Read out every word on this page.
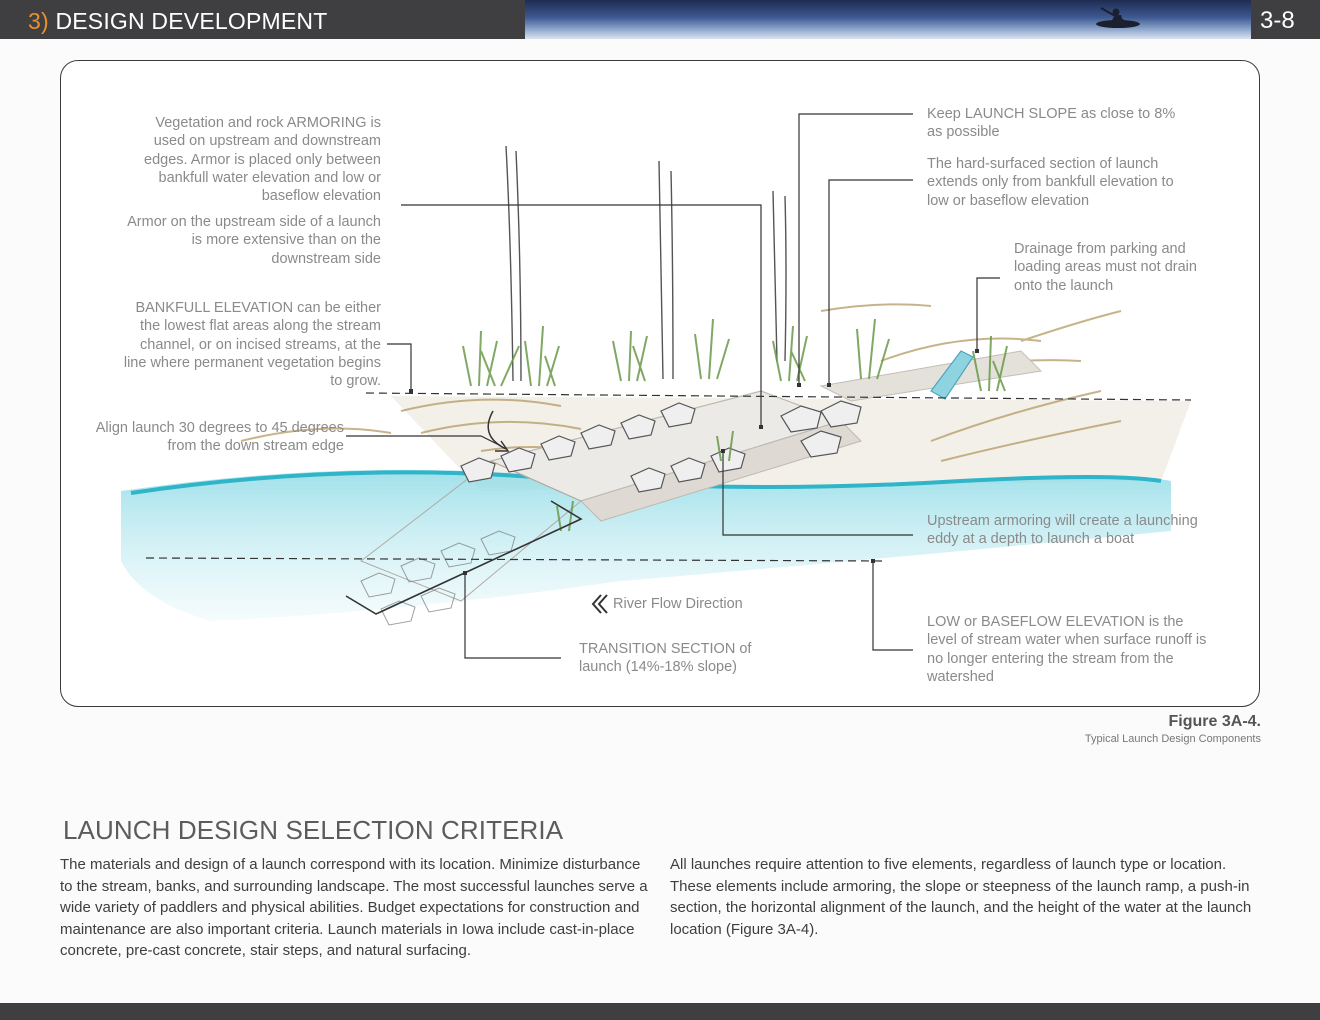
3) DESIGN DEVELOPMENT	3-8
Vegetation and rock ARMORING is used on upstream and downstream edges. Armor is placed only between bankfull water elevation and low or baseflow elevation
Armor on the upstream side of a launch is more extensive than on the downstream side
BANKFULL ELEVATION can be either the lowest flat areas along the stream channel, or on incised streams, at the line where permanent vegetation begins to grow.
Align launch 30 degrees to 45 degrees from the down stream edge
Keep LAUNCH SLOPE as close to 8% as possible
The hard-surfaced section of launch extends only from bankfull elevation to low or baseflow elevation
Drainage from parking and loading areas must not drain onto the launch
Upstream armoring will create a launching eddy at a depth to launch a boat
LOW or BASEFLOW ELEVATION is the level of stream water when surface runoff is no longer entering the stream from the watershed
River Flow Direction
TRANSITION SECTION of launch (14%-18% slope)
Figure 3A-4.
Typical Launch Design Components
LAUNCH DESIGN SELECTION CRITERIA
The materials and design of a launch correspond with its location. Minimize disturbance to the stream, banks, and surrounding landscape. The most successful launches serve a wide variety of paddlers and physical abilities. Budget expectations for construction and maintenance are also important criteria. Launch materials in Iowa include cast-in-place concrete, pre-cast concrete, stair steps, and natural surfacing.
All launches require attention to five elements, regardless of launch type or location. These elements include armoring, the slope or steepness of the launch ramp, a push-in section, the horizontal alignment of the launch, and the height of the water at the launch location (Figure 3A-4).
